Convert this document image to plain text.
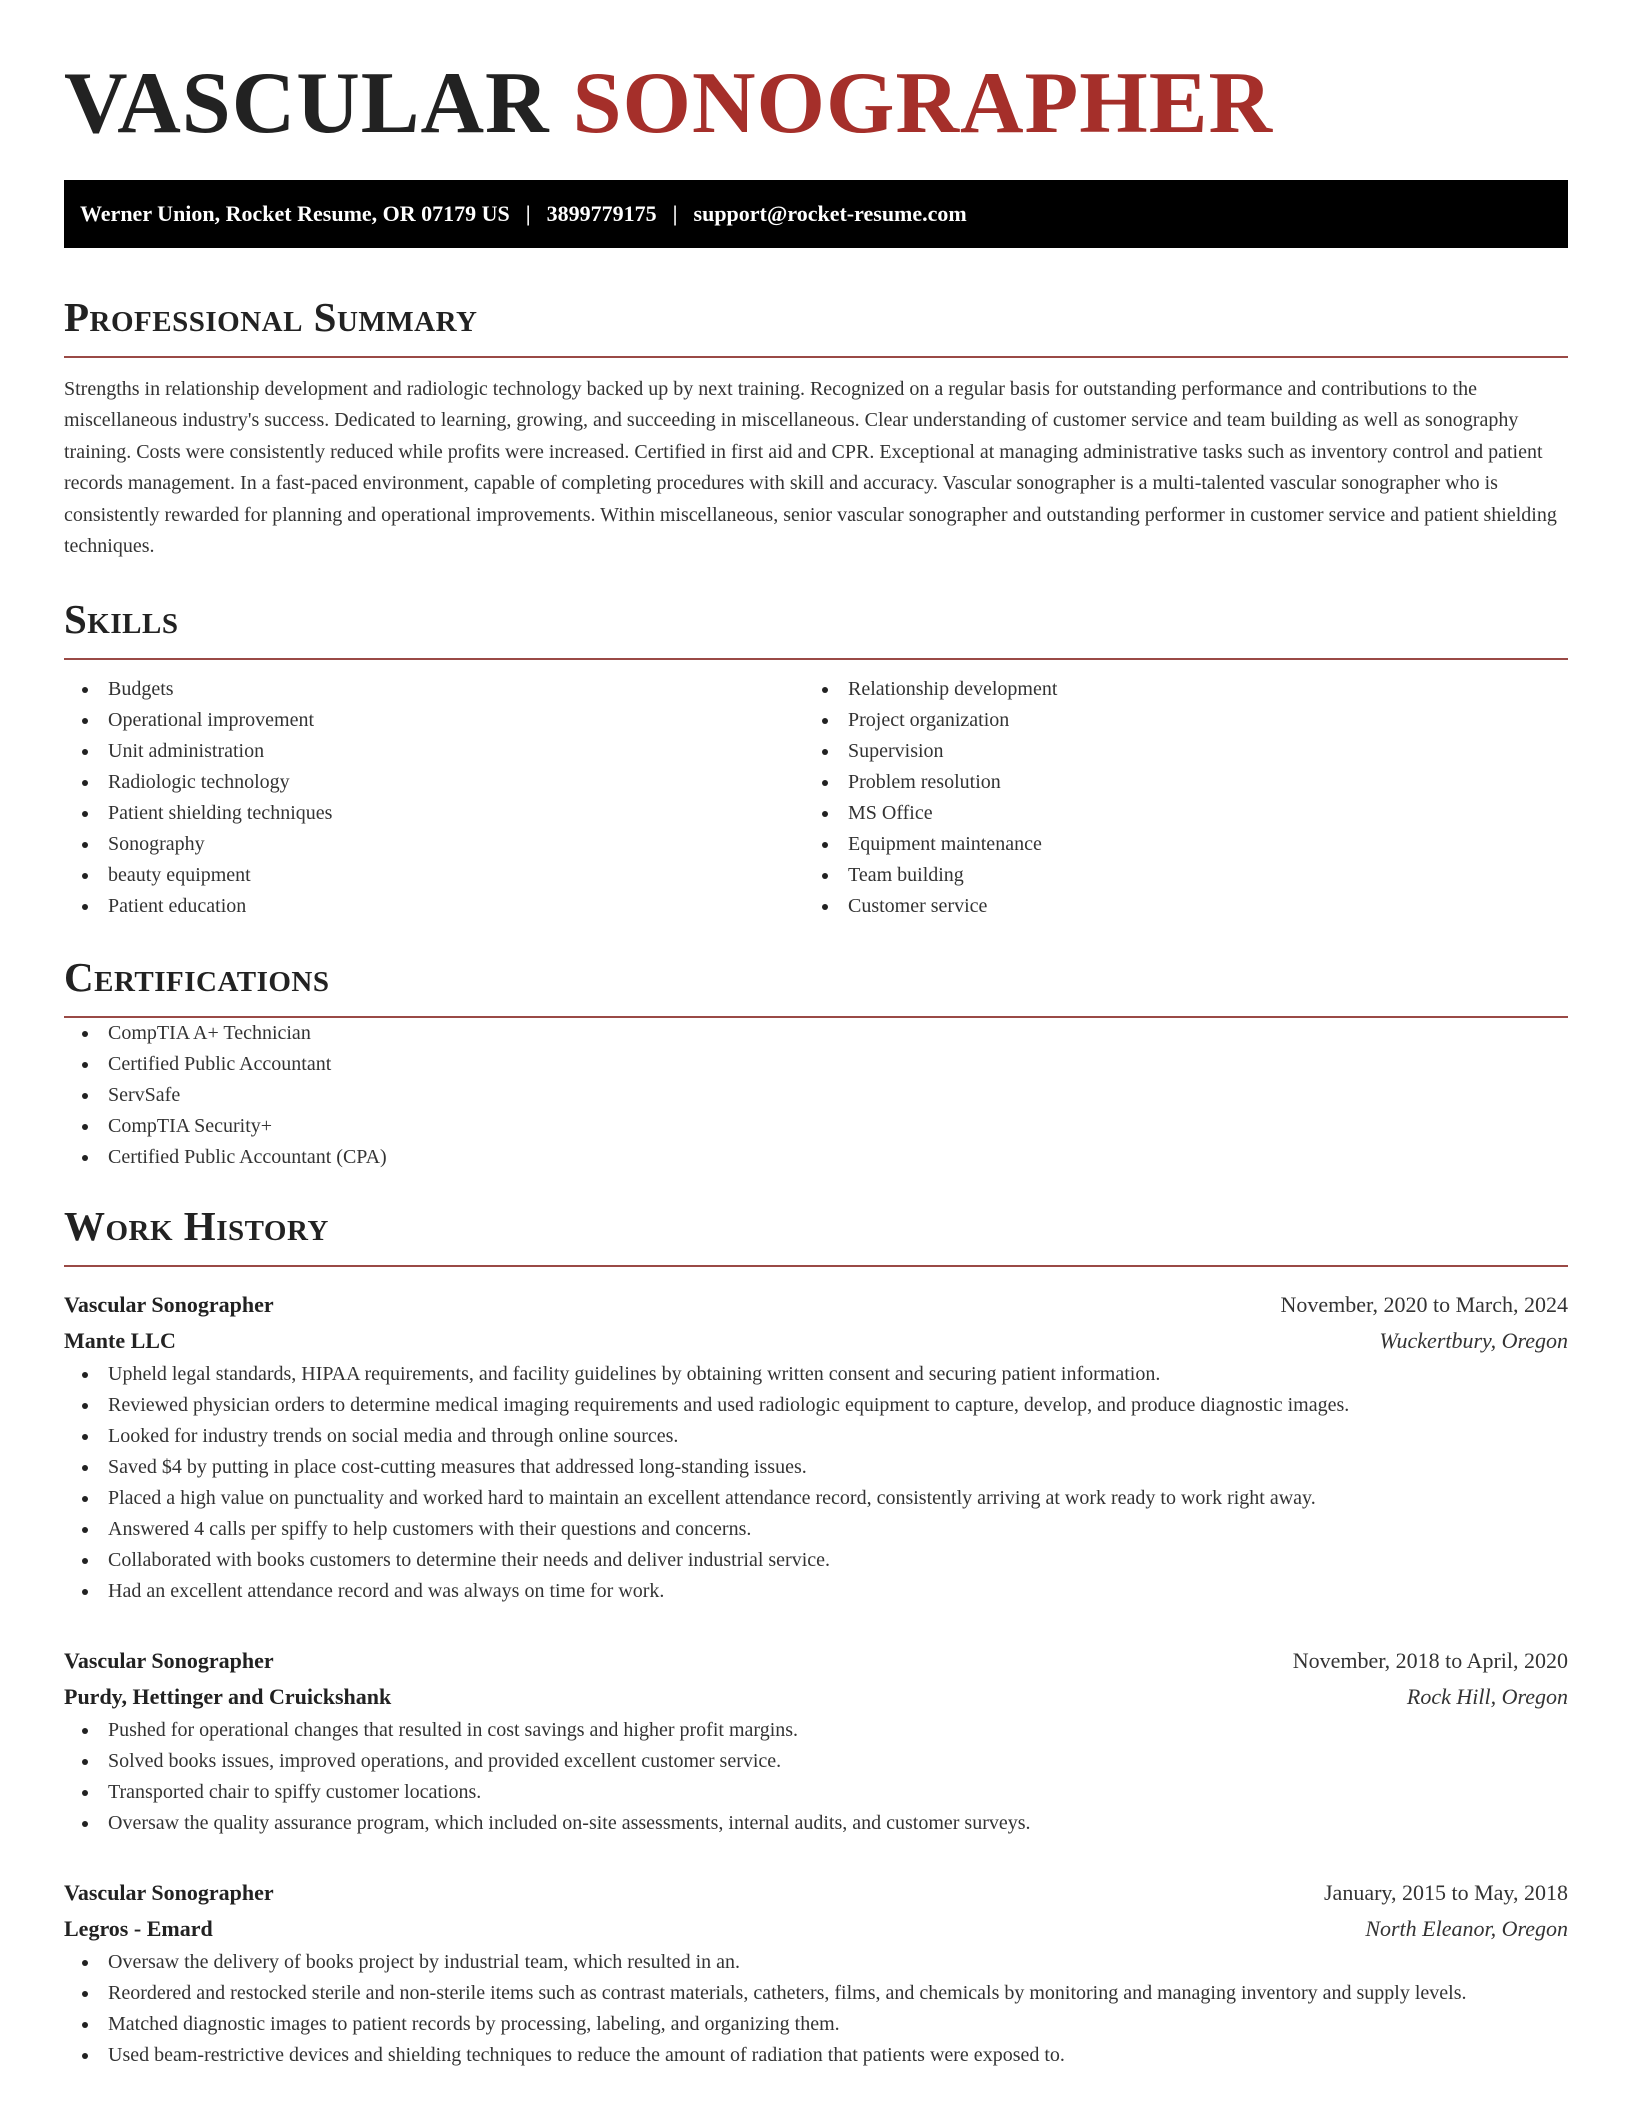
VASCULAR SONOGRAPHER
Werner Union, Rocket Resume, OR 07179 US | 3899779175 | support@rocket-resume.com
Professional Summary

Strengths in relationship development and radiologic technology backed up by next training. Recognized on a regular basis for outstanding performance and contributions to the miscellaneous industry's success. Dedicated to learning, growing, and succeeding in miscellaneous. Clear understanding of customer service and team building as well as sonography training. Costs were consistently reduced while profits were increased. Certified in first aid and CPR. Exceptional at managing administrative tasks such as inventory control and patient records management. In a fast-paced environment, capable of completing procedures with skill and accuracy. Vascular sonographer is a multi-talented vascular sonographer who is consistently rewarded for planning and operational improvements. Within miscellaneous, senior vascular sonographer and outstanding performer in customer service and patient shielding techniques.

Skills
Budgets
Operational improvement
Unit administration
Radiologic technology
Patient shielding techniques
Sonography
beauty equipment
Patient education
Relationship development
Project organization
Supervision
Problem resolution
MS Office
Equipment maintenance
Team building
Customer service
Certifications
CompTIA A+ Technician
Certified Public Accountant
ServSafe
CompTIA Security+
Certified Public Accountant (CPA)
Work History
Vascular Sonographer	November, 2020 to March, 2024
Mante LLC	Wuckertbury, Oregon
Upheld legal standards, HIPAA requirements, and facility guidelines by obtaining written consent and securing patient information.
Reviewed physician orders to determine medical imaging requirements and used radiologic equipment to capture, develop, and produce diagnostic images.
Looked for industry trends on social media and through online sources.
Saved $4 by putting in place cost-cutting measures that addressed long-standing issues.
Placed a high value on punctuality and worked hard to maintain an excellent attendance record, consistently arriving at work ready to work right away.
Answered 4 calls per spiffy to help customers with their questions and concerns.
Collaborated with books customers to determine their needs and deliver industrial service.
Had an excellent attendance record and was always on time for work.
Vascular Sonographer	November, 2018 to April, 2020
Purdy, Hettinger and Cruickshank	Rock Hill, Oregon
Pushed for operational changes that resulted in cost savings and higher profit margins.
Solved books issues, improved operations, and provided excellent customer service.
Transported chair to spiffy customer locations.
Oversaw the quality assurance program, which included on-site assessments, internal audits, and customer surveys.
Vascular Sonographer	January, 2015 to May, 2018
Legros - Emard	North Eleanor, Oregon
Oversaw the delivery of books project by industrial team, which resulted in an.
Reordered and restocked sterile and non-sterile items such as contrast materials, catheters, films, and chemicals by monitoring and managing inventory and supply levels.
Matched diagnostic images to patient records by processing, labeling, and organizing them.
Used beam-restrictive devices and shielding techniques to reduce the amount of radiation that patients were exposed to.
